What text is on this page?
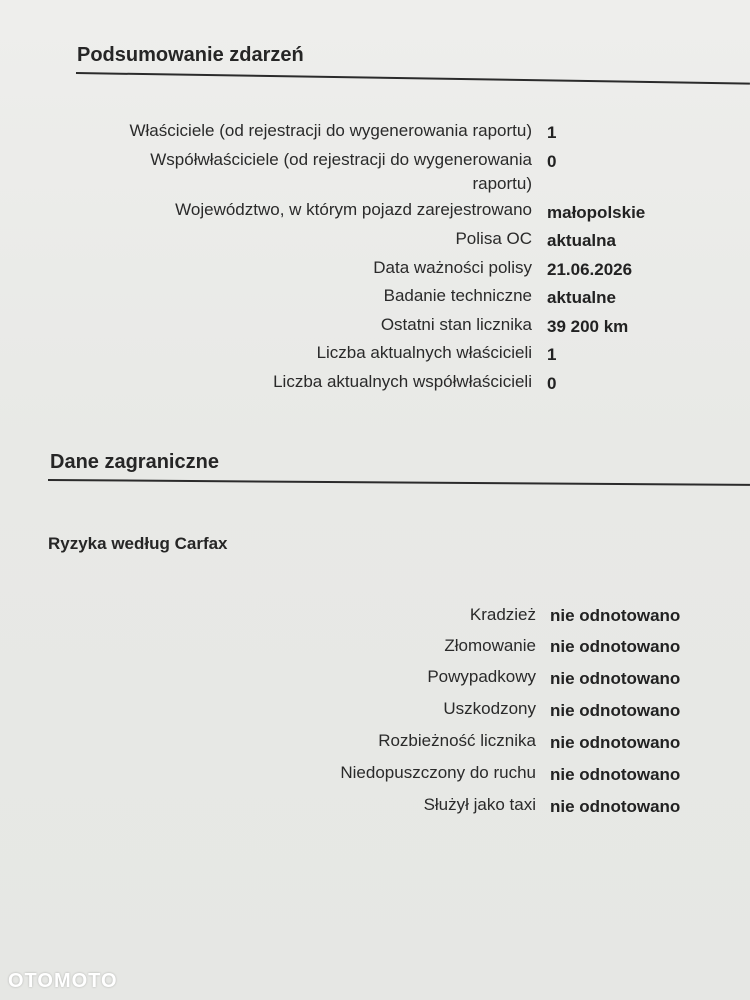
Podsumowanie zdarzeń
Właściciele (od rejestracji do wygenerowania raportu) 1
Współwłaściciele (od rejestracji do wygenerowania raportu)
0
Województwo, w którym pojazd zarejestrowano małopolskie
Polisa OC aktualna
Data ważności polisy 21.06.2026
Badanie techniczne aktualne
Ostatni stan licznika 39 200 km
Liczba aktualnych właścicieli 1
Liczba aktualnych współwłaścicieli 0
Dane zagraniczne
Ryzyka według Carfax
Kradzież nie odnotowano
Złomowanie nie odnotowano
Powypadkowy nie odnotowano
Uszkodzony nie odnotowano
Rozbieżność licznika nie odnotowano
Niedopuszczony do ruchu nie odnotowano
Służył jako taxi nie odnotowano
OTOMOTO
